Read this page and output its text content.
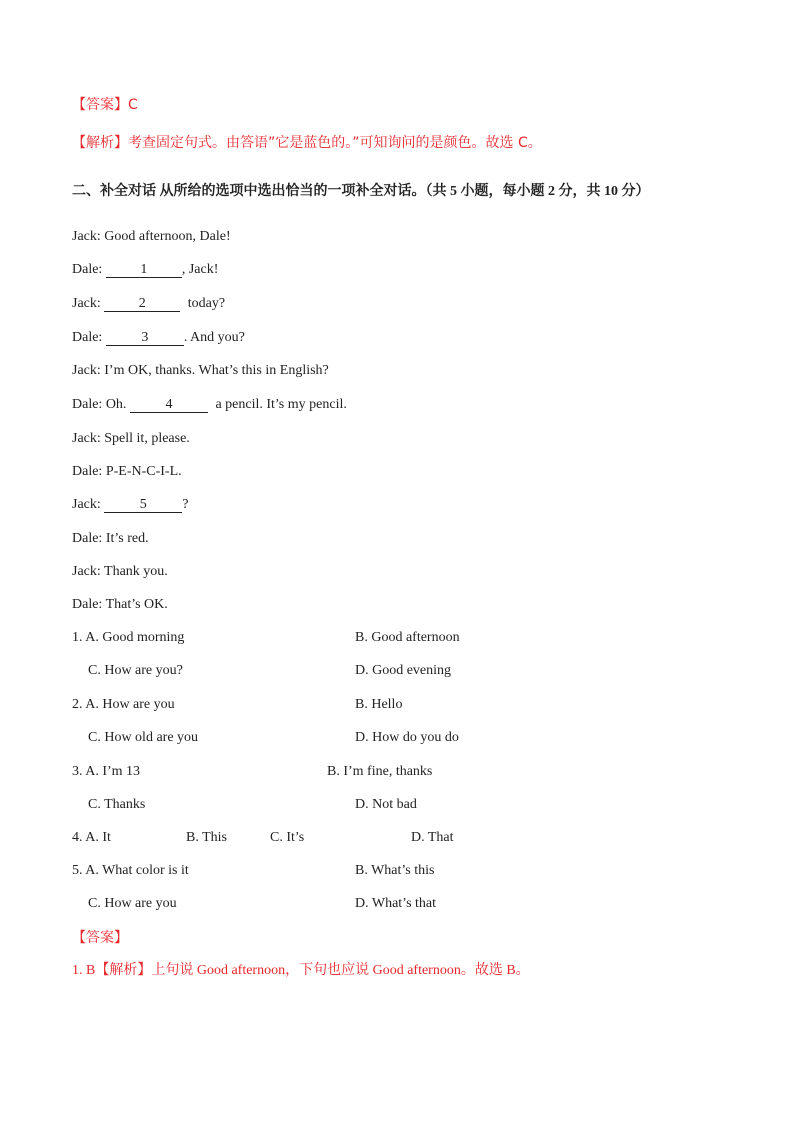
【答案】C
【解析】考查固定句式。由答语”它是蓝色的。”可知询问的是颜色。故选 C。
二、补全对话 从所给的选项中选出恰当的一项补全对话。（共 5 小题，每小题 2 分，共 10 分）
Jack: Good afternoon, Dale!
Dale: 1 , Jack!
Jack: 2	today?
Dale:	3	. And you?
Jack: I’m OK, thanks. What’s this in English?
Dale: Oh.	4	a pencil. It’s my pencil.
Jack: Spell it, please.
Dale: P-E-N-C-I-L.
Jack:	5	?
Dale: It’s red.
Jack: Thank you.
Dale: That’s OK.
1. A. Good morning	B. Good afternoon
C. How are you?	D. Good evening
2. A. How are you	B. Hello
C. How old are you	D. How do you do
3. A. I’m 13	B. I’m fine, thanks
C. Thanks	D. Not bad
4. A. It	B. This	C. It’s	D. That
5. A. What color is it	B. What’s this
C. How are you	D. What’s that
【答案】
1. B【解析】上句说 Good afternoon，下句也应说 Good afternoon。故选 B。
